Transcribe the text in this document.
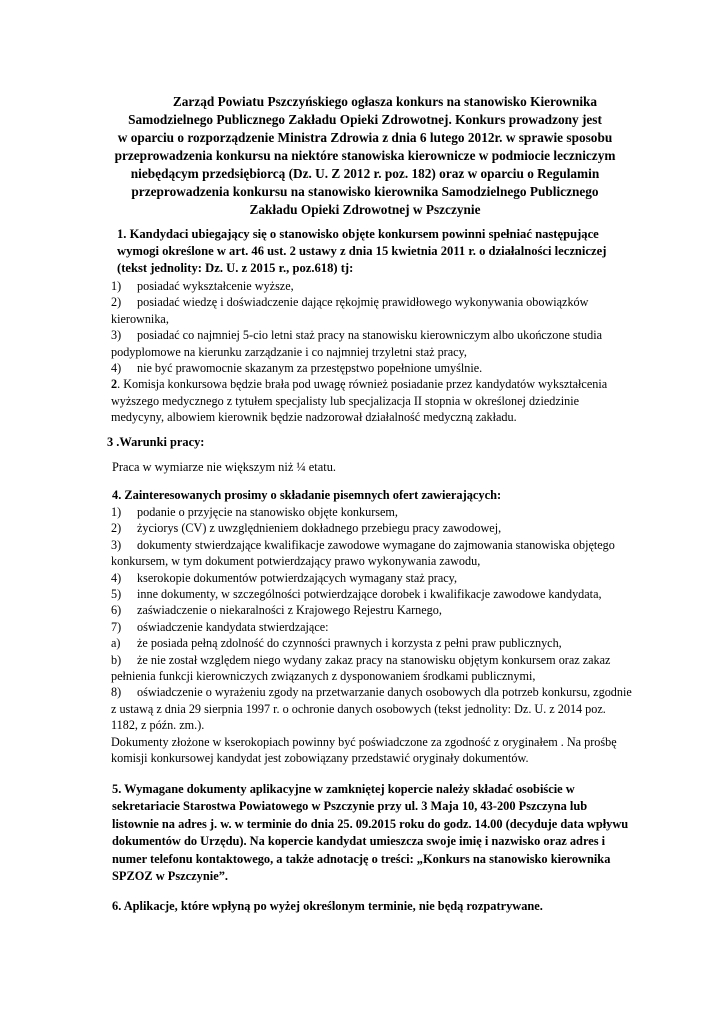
Zarząd Powiatu Pszczyńskiego ogłasza konkurs na stanowisko Kierownika
Samodzielnego Publicznego Zakładu Opieki Zdrowotnej. Konkurs prowadzony jest
w oparciu o rozporządzenie Ministra Zdrowia z dnia 6 lutego 2012r. w sprawie sposobu
przeprowadzenia konkursu na niektóre stanowiska kierownicze w podmiocie leczniczym
niebędącym przedsiębiorcą (Dz. U. Z 2012 r. poz. 182) oraz w oparciu o Regulamin
przeprowadzenia konkursu na stanowisko kierownika Samodzielnego Publicznego
Zakładu Opieki Zdrowotnej w Pszczynie

1. Kandydaci ubiegający się o stanowisko objęte konkursem powinni spełniać następujące wymogi określone w art. 46 ust. 2 ustawy z dnia 15 kwietnia 2011 r. o działalności leczniczej (tekst jednolity: Dz. U. z 2015 r., poz.618) tj:

1) posiadać wykształcenie wyższe,

2) posiadać wiedzę i doświadczenie dające rękojmię prawidłowego wykonywania obowiązków kierownika,

3) posiadać co najmniej 5-cio letni staż pracy na stanowisku kierowniczym albo ukończone studia podyplomowe na kierunku zarządzanie i co najmniej trzyletni staż pracy,

4) nie być prawomocnie skazanym za przestępstwo popełnione umyślnie.

2. Komisja konkursowa będzie brała pod uwagę również posiadanie przez kandydatów wykształcenia wyższego medycznego z tytułem specjalisty lub specjalizacja II stopnia w określonej dziedzinie medycyny, albowiem kierownik będzie nadzorował działalność medyczną zakładu.

3 .Warunki pracy:

Praca w wymiarze nie większym niż ¼ etatu.

4. Zainteresowanych prosimy o składanie pisemnych ofert zawierających:

1) podanie o przyjęcie na stanowisko objęte konkursem,

2) życiorys (CV) z uwzględnieniem dokładnego przebiegu pracy zawodowej,

3) dokumenty stwierdzające kwalifikacje zawodowe wymagane do zajmowania stanowiska objętego konkursem, w tym dokument potwierdzający prawo wykonywania zawodu,

4) kserokopie dokumentów potwierdzających wymagany staż pracy,

5) inne dokumenty, w szczególności potwierdzające dorobek i kwalifikacje zawodowe kandydata,

6) zaświadczenie o niekaralności z Krajowego Rejestru Karnego,

7) oświadczenie kandydata stwierdzające:

a) że posiada pełną zdolność do czynności prawnych i korzysta z pełni praw publicznych,

b) że nie został względem niego wydany zakaz pracy na stanowisku objętym konkursem oraz zakaz pełnienia funkcji kierowniczych związanych z dysponowaniem środkami publicznymi,

8) oświadczenie o wyrażeniu zgody na przetwarzanie danych osobowych dla potrzeb konkursu, zgodnie z ustawą z dnia 29 sierpnia 1997 r. o ochronie danych osobowych (tekst jednolity: Dz. U. z 2014 poz. 1182, z późn. zm.).

Dokumenty złożone w kserokopiach powinny być poświadczone za zgodność z oryginałem . Na prośbę komisji konkursowej kandydat jest zobowiązany przedstawić oryginały dokumentów.

5. Wymagane dokumenty aplikacyjne w zamkniętej kopercie należy składać osobiście w sekretariacie Starostwa Powiatowego w Pszczynie przy ul. 3 Maja 10, 43-200 Pszczyna lub listownie na adres j. w. w terminie do dnia 25. 09.2015 roku do godz. 14.00 (decyduje data wpływu dokumentów do Urzędu). Na kopercie kandydat umieszcza swoje imię i nazwisko oraz adres i numer telefonu kontaktowego, a także adnotację o treści: „Konkurs na stanowisko kierownika SPZOZ w Pszczynie”.

6. Aplikacje, które wpłyną po wyżej określonym terminie, nie będą rozpatrywane.
